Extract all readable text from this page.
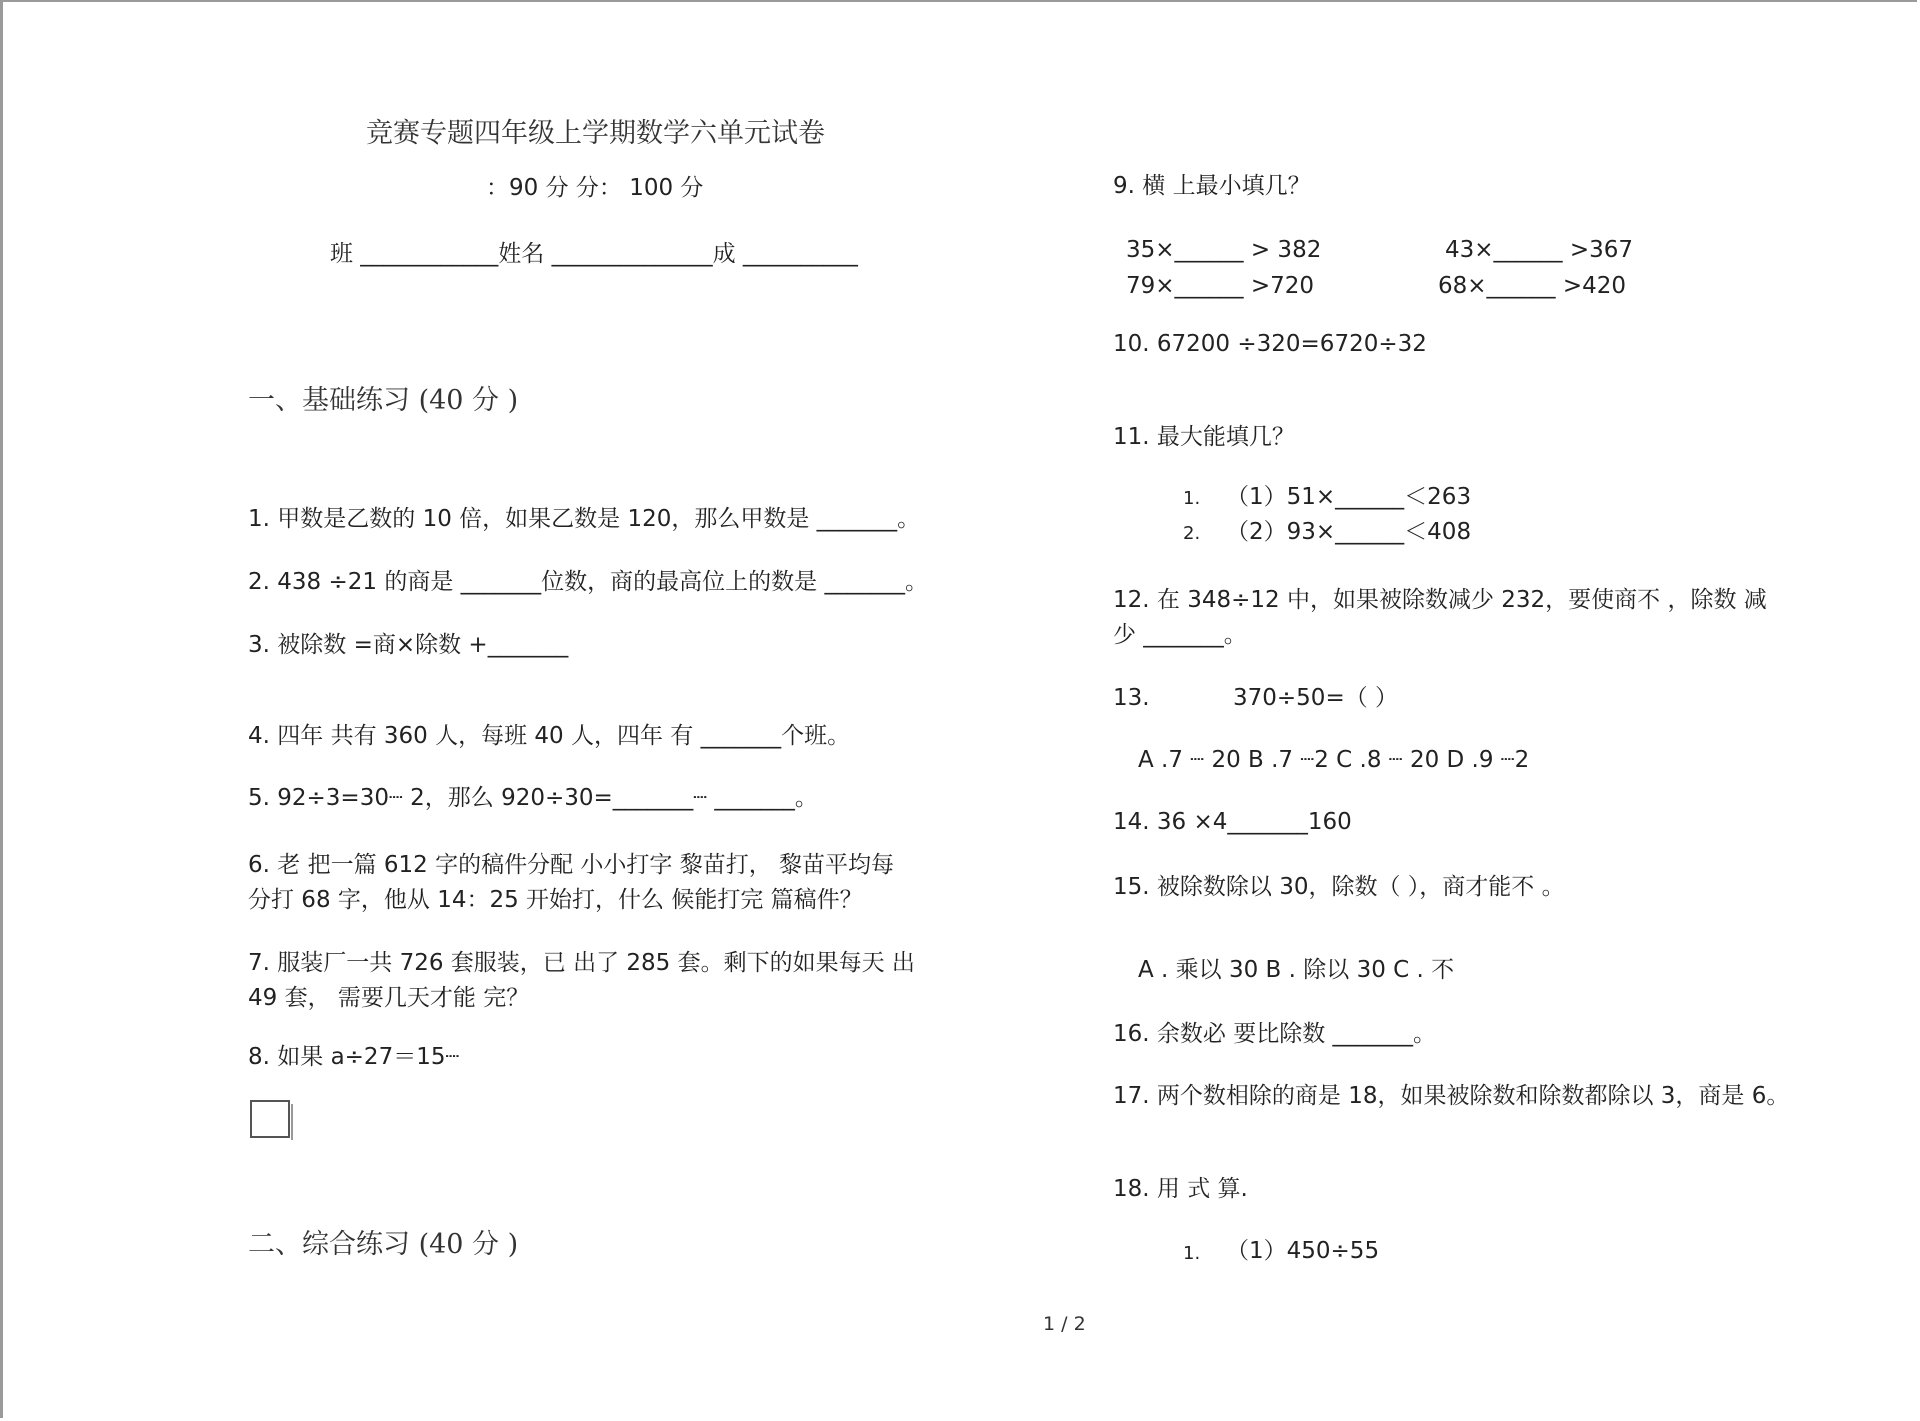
竞赛专题四年级上学期数学六单元试卷
：90 分 分： 100 分
班 ____________姓名 ______________成 __________
一、基础练习 (40 分 )
1. 甲数是乙数的 10 倍，如果乙数是 120，那么甲数是 _______。
2. 438 ÷21 的商是 _______位数，商的最高位上的数是 _______。
3. 被除数 =商×除数 +_______
4. 四年 共有 360 人，每班 40 人，四年 有 _______个班。
5. 92÷3=30┈ 2，那么 920÷30=_______┈ _______。
6. 老 把一篇 612 字的稿件分配 小小打字 黎苗打， 黎苗平均每
分打 68 字，他从 14：25 开始打，什么 候能打完 篇稿件？
7. 服装厂一共 726 套服装，已 出了 285 套。剩下的如果每天 出
49 套， 需要几天才能 完？
8. 如果 a÷27＝15┈
二、综合练习 (40 分 )
9. 横 上最小填几？
35×______ > 382	43×______ >367
79×______ >720	68×______ >420
10. 67200 ÷320=6720÷32
11. 最大能填几？
1. （1）51×______＜263
2. （2）93×______＜408
12. 在 348÷12 中，如果被除数减少 232，要使商不 ，除数 减
少 _______。
13.	370÷50=（ ）
A .7 ┈ 20 B .7 ┈2 C .8 ┈ 20 D .9 ┈2
14. 36 ×4_______160
15. 被除数除以 30，除数（ ），商才能不 。
A . 乘以 30 B . 除以 30 C . 不
16. 余数必 要比除数 _______。
17. 两个数相除的商是 18，如果被除数和除数都除以 3，商是 6。
18. 用 式 算.
1. （1）450÷55
1 / 2
